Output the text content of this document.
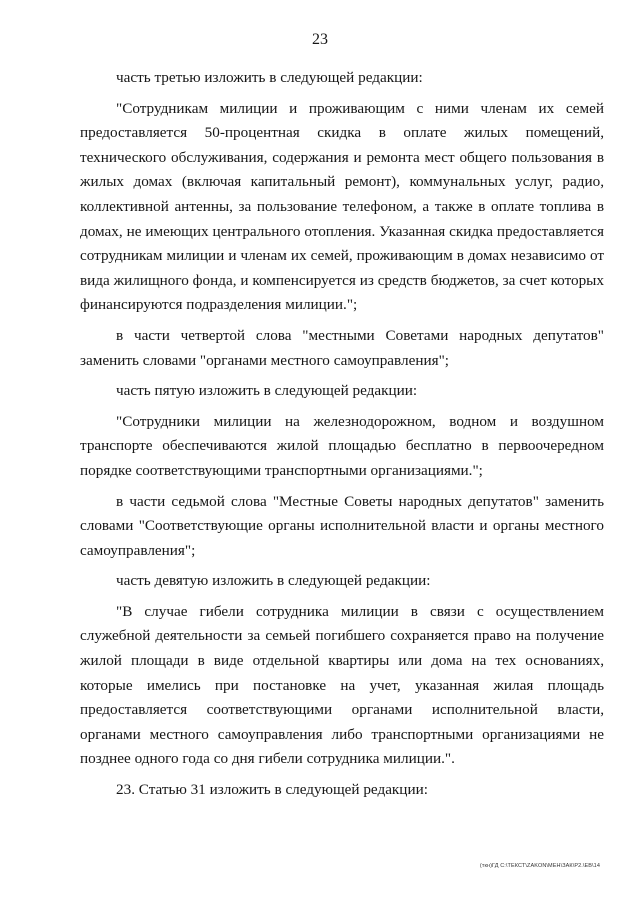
23

часть третью изложить в следующей редакции:

"Сотрудникам милиции и проживающим с ними членам их семей предоставляется 50-процентная скидка в оплате жилых помещений, технического обслуживания, содержания и ремонта мест общего пользования в жилых домах (включая капитальный ремонт), коммунальных услуг, радио, коллективной антенны, за пользование телефоном, а также в оплате топлива в домах, не имеющих центрального отопления. Указанная скидка предоставляется сотрудникам милиции и членам их семей, проживающим в домах независимо от вида жилищного фонда, и компенсируется из средств бюджетов, за счет которых финансируются подразделения милиции.";

в части четвертой слова "местными Советами народных депутатов" заменить словами "органами местного самоуправления";

часть пятую изложить в следующей редакции:

"Сотрудники милиции на железнодорожном, водном и воздушном транспорте обеспечиваются жилой площадью бесплатно в первоочередном порядке соответствующими транспортными организациями.";

в части седьмой слова "Местные Советы народных депутатов" заменить словами "Соответствующие органы исполнительной власти и органы местного самоуправления";

часть девятую изложить в следующей редакции:

"В случае гибели сотрудника милиции в связи с осуществлением служебной деятельности за семьей погибшего сохраняется право на получение жилой площади в виде отдельной квартиры или дома на тех основаниях, которые имелись при постановке на учет, указанная жилая площадь предоставляется соответствующими органами исполнительной власти, органами местного самоуправления либо транспортными организациями не позднее одного года со дня гибели сотрудника милиции.".

23. Статью 31 изложить в следующей редакции:

(ткн)ГД С:\ТЕКСТ\ZAKON\МЕН\ЗАК\Р2.\ЕВ\14
